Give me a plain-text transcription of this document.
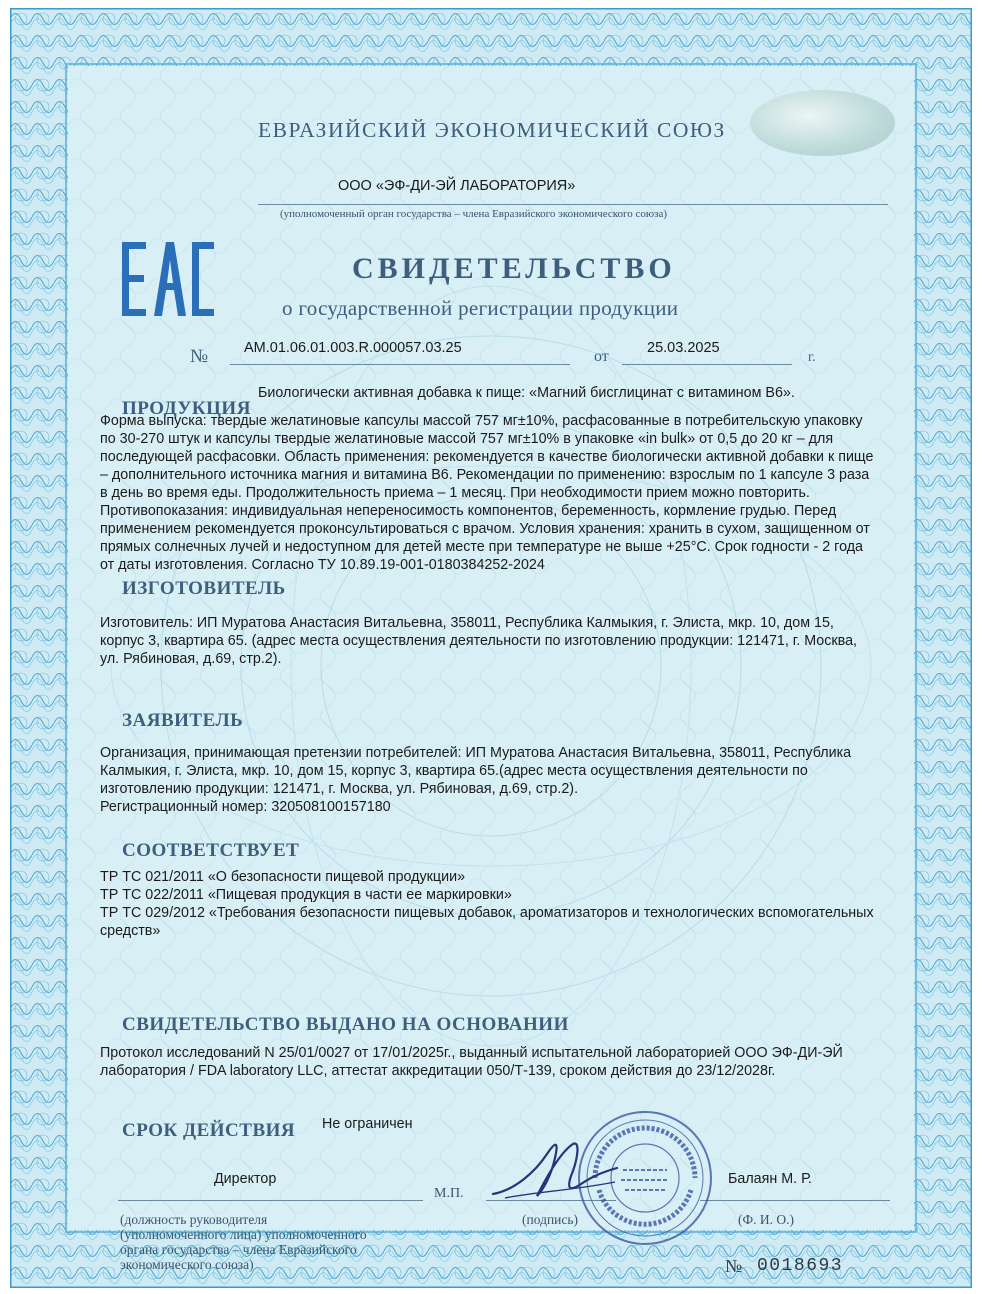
ЕВРАЗИЙСКИЙ ЭКОНОМИЧЕСКИЙ СОЮЗ
ООО «ЭФ-ДИ-ЭЙ ЛАБОРАТОРИЯ»
(уполномоченный орган государства – члена Евразийского экономического союза)
СВИДЕТЕЛЬСТВО
о государственной регистрации продукции
№ AM.01.06.01.003.R.000057.03.25	от	25.03.2025
г.
ПРОДУКЦИЯ
Биологически активная добавка к пище: «Магний бисглицинат с витамином B6».
Форма выпуска: твердые желатиновые капсулы массой 757 мг±10%, расфасованные в потребительскую упаковку
по 30-270 штук и капсулы твердые желатиновые массой 757 мг±10% в упаковке «in bulk» от 0,5 до 20 кг – для
последующей расфасовки. Область применения: рекомендуется в качестве биологически активной добавки к пище
– дополнительного источника магния и витамина B6. Рекомендации по применению: взрослым по 1 капсуле 3 раза
в день во время еды. Продолжительность приема – 1 месяц. При необходимости прием можно повторить.
Противопоказания: индивидуальная непереносимость компонентов, беременность, кормление грудью. Перед
применением рекомендуется проконсультироваться с врачом. Условия хранения: хранить в сухом, защищенном от
прямых солнечных лучей и недоступном для детей месте при температуре не выше +25°С. Срок годности - 2 года
от даты изготовления. Согласно ТУ 10.89.19-001-0180384252-2024
ИЗГОТОВИТЕЛЬ
Изготовитель: ИП Муратова Анастасия Витальевна, 358011, Республика Калмыкия, г. Элиста, мкр. 10, дом 15,
корпус 3, квартира 65. (адрес места осуществления деятельности по изготовлению продукции: 121471, г. Москва,
ул. Рябиновая, д.69, стр.2).
ЗАЯВИТЕЛЬ
Организация, принимающая претензии потребителей: ИП Муратова Анастасия Витальевна, 358011, Республика
Калмыкия, г. Элиста, мкр. 10, дом 15, корпус 3, квартира 65.(адрес места осуществления деятельности по
изготовлению продукции: 121471, г. Москва, ул. Рябиновая, д.69, стр.2).
Регистрационный номер: 320508100157180
СООТВЕТСТВУЕТ
ТР ТС 021/2011 «О безопасности пищевой продукции»
ТР ТС 022/2011 «Пищевая продукция в части ее маркировки»
ТР ТС 029/2012 «Требования безопасности пищевых добавок, ароматизаторов и технологических вспомогательных
средств»
СВИДЕТЕЛЬСТВО ВЫДАНО НА ОСНОВАНИИ
Протокол исследований N 25/01/0027 от 17/01/2025г., выданный испытательной лабораторией ООО ЭФ-ДИ-ЭЙ
лаборатория / FDA laboratory LLC, аттестат аккредитации 050/Т-139, сроком действия до 23/12/2028г.
СРОК ДЕЙСТВИЯ Не ограничен
Директор
М.П.
Балаян М. Р.
(должность руководителя
(уполномоченного лица) уполномоченного
органа государства – члена Евразийского
экономического союза)
(подпись)	(Ф. И. О.)
№ 0018693
